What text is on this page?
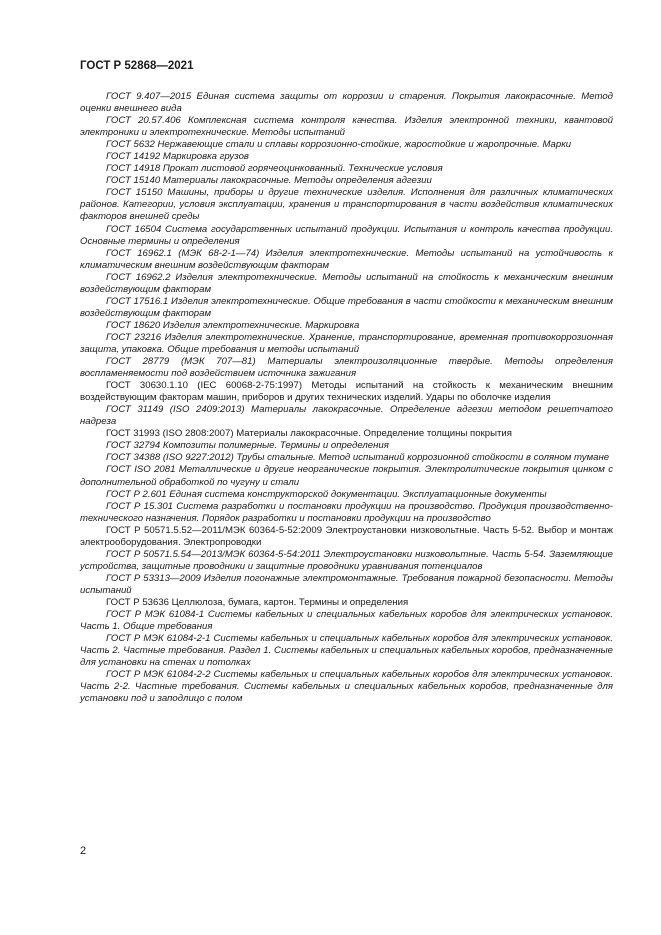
ГОСТ Р 52868—2021

ГОСТ 9.407—2015 Единая система защиты от коррозии и старения. Покрытия лакокрасочные. Метод оценки внешнего вида

ГОСТ 20.57.406 Комплексная система контроля качества. Изделия электронной техники, квантовой электроники и электротехнические. Методы испытаний

ГОСТ 5632 Нержавеющие стали и сплавы коррозионно-стойкие, жаростойкие и жаропрочные. Марки

ГОСТ 14192 Маркировка грузов

ГОСТ 14918 Прокат листовой горячеоцинкованный. Технические условия

ГОСТ 15140 Материалы лакокрасочные. Методы определения адгезии

ГОСТ 15150 Машины, приборы и другие технические изделия. Исполнения для различных климатических районов. Категории, условия эксплуатации, хранения и транспортирования в части воздействия климатических факторов внешней среды

ГОСТ 16504 Система государственных испытаний продукции. Испытания и контроль качества продукции. Основные термины и определения

ГОСТ 16962.1 (МЭК 68-2-1—74) Изделия электротехнические. Методы испытаний на устойчивость к климатическим внешним воздействующим факторам

ГОСТ 16962.2 Изделия электротехнические. Методы испытаний на стойкость к механическим внешним воздействующим факторам

ГОСТ 17516.1 Изделия электротехнические. Общие требования в части стойкости к механическим внешним воздействующим факторам

ГОСТ 18620 Изделия электротехнические. Маркировка

ГОСТ 23216 Изделия электротехнические. Хранение, транспортирование, временная противокоррозионная защита, упаковка. Общие требования и методы испытаний

ГОСТ 28779 (МЭК 707—81) Материалы электроизоляционные твердые. Методы определения воспламеняемости под воздействием источника зажигания

ГОСТ 30630.1.10 (IEC 60068-2-75:1997) Методы испытаний на стойкость к механическим внешним воздействующим факторам машин, приборов и других технических изделий. Удары по оболочке изделия

ГОСТ 31149 (ISO 2409:2013) Материалы лакокрасочные. Определение адгезии методом решетчатого надреза

ГОСТ 31993 (ISO 2808:2007) Материалы лакокрасочные. Определение толщины покрытия

ГОСТ 32794 Композиты полимерные. Термины и определения

ГОСТ 34388 (ISO 9227:2012) Трубы стальные. Метод испытаний коррозионной стойкости в соляном тумане

ГОСТ ISO 2081 Металлические и другие неорганические покрытия. Электролитические покрытия цинком с дополнительной обработкой по чугуну и стали

ГОСТ Р 2.601 Единая система конструкторской документации. Эксплуатационные документы

ГОСТ Р 15.301 Система разработки и постановки продукции на производство. Продукция производственно-технического назначения. Порядок разработки и постановки продукции на производство

ГОСТ Р 50571.5.52—2011/МЭК 60364-5-52:2009 Электроустановки низковольтные. Часть 5-52. Выбор и монтаж электрооборудования. Электропроводки

ГОСТ Р 50571.5.54—2013/МЭК 60364-5-54:2011 Электроустановки низковольтные. Часть 5-54. Заземляющие устройства, защитные проводники и защитные проводники уравнивания потенциалов

ГОСТ Р 53313—2009 Изделия погонажные электромонтажные. Требования пожарной безопасности. Методы испытаний

ГОСТ Р 53636 Целлюлоза, бумага, картон. Термины и определения

ГОСТ Р МЭК 61084-1 Системы кабельных и специальных кабельных коробов для электрических установок. Часть 1. Общие требования

ГОСТ Р МЭК 61084-2-1 Системы кабельных и специальных кабельных коробов для электрических установок. Часть 2. Частные требования. Раздел 1. Системы кабельных и специальных кабельных коробов, предназначенные для установки на стенах и потолках

ГОСТ Р МЭК 61084-2-2 Системы кабельных и специальных кабельных коробов для электрических установок. Часть 2-2. Частные требования. Системы кабельных и специальных кабельных коробов, предназначенные для установки под и заподлицо с полом

2
